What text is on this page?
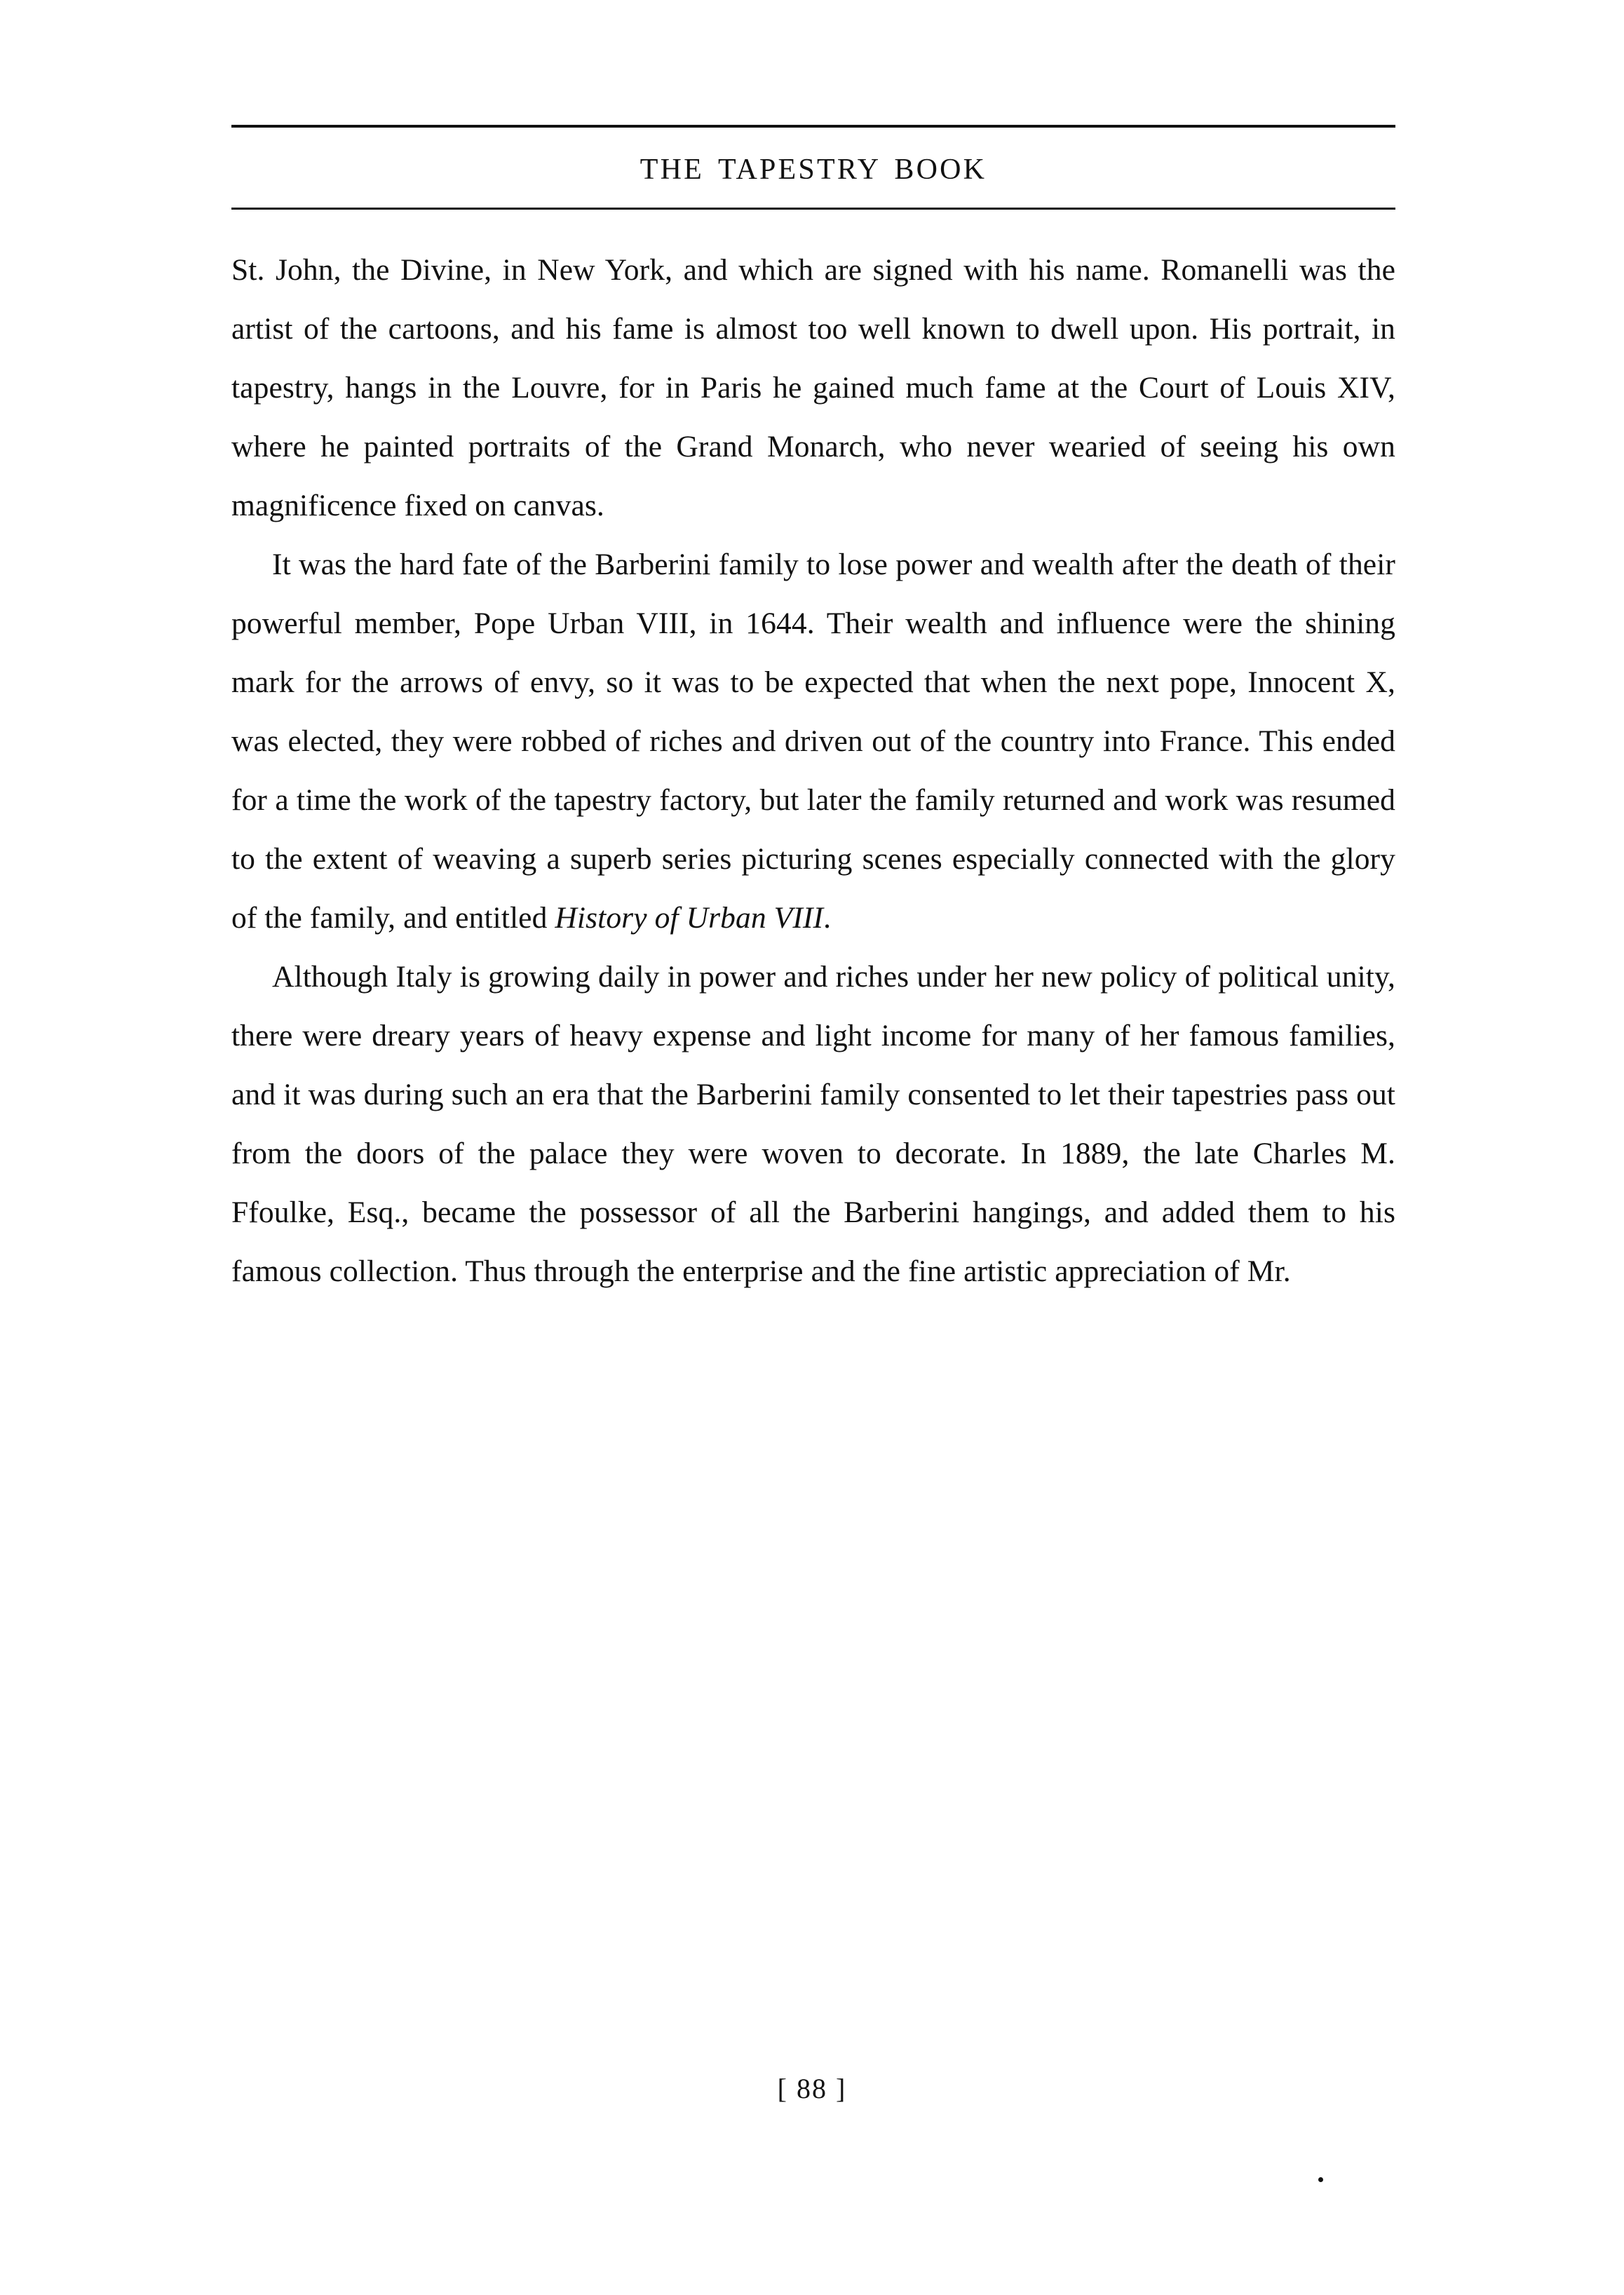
THE TAPESTRY BOOK

St. John, the Divine, in New York, and which are signed with his name. Romanelli was the artist of the cartoons, and his fame is almost too well known to dwell upon. His portrait, in tapestry, hangs in the Louvre, for in Paris he gained much fame at the Court of Louis XIV, where he painted portraits of the Grand Monarch, who never wearied of seeing his own magnificence fixed on canvas.

It was the hard fate of the Barberini family to lose power and wealth after the death of their powerful member, Pope Urban VIII, in 1644. Their wealth and influence were the shining mark for the arrows of envy, so it was to be expected that when the next pope, Innocent X, was elected, they were robbed of riches and driven out of the country into France. This ended for a time the work of the tapestry factory, but later the family returned and work was resumed to the extent of weaving a superb series picturing scenes especially connected with the glory of the family, and entitled History of Urban VIII.

Although Italy is growing daily in power and riches under her new policy of political unity, there were dreary years of heavy expense and light income for many of her famous families, and it was during such an era that the Barberini family consented to let their tapestries pass out from the doors of the palace they were woven to decorate. In 1889, the late Charles M. Ffoulke, Esq., became the possessor of all the Barberini hangings, and added them to his famous collection. Thus through the enterprise and the fine artistic appreciation of Mr.

[ 88 ]
